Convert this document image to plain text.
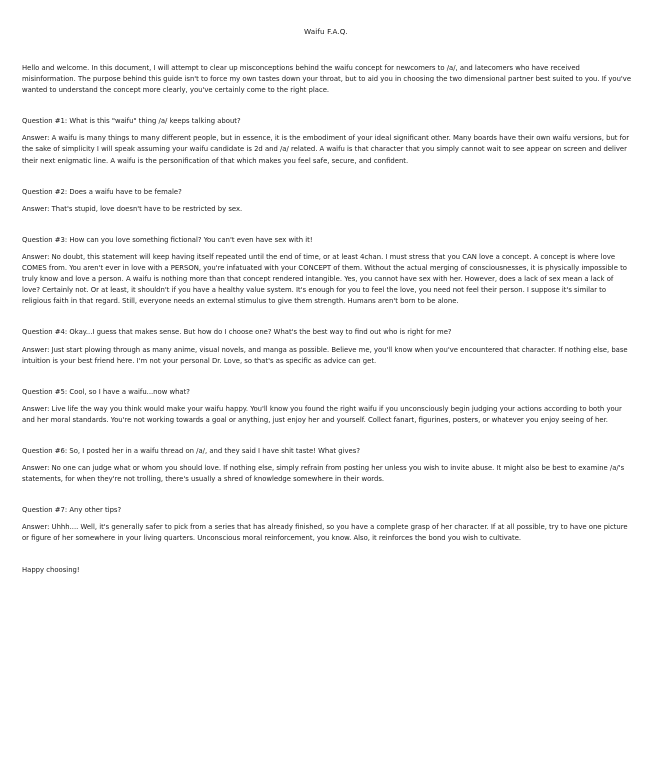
Waifu F.A.Q.

Hello and welcome. In this document, I will attempt to clear up misconceptions behind the waifu concept for newcomers to /a/, and latecomers who have received misinformation. The purpose behind this guide isn't to force my own tastes down your throat, but to aid you in choosing the two dimensional partner best suited to you. If you've wanted to understand the concept more clearly, you've certainly come to the right place.

Question #1: What is this "waifu" thing /a/ keeps talking about?

Answer: A waifu is many things to many different people, but in essence, it is the embodiment of your ideal significant other. Many boards have their own waifu versions, but for the sake of simplicity I will speak assuming your waifu candidate is 2d and /a/ related. A waifu is that character that you simply cannot wait to see appear on screen and deliver their next enigmatic line. A waifu is the personification of that which makes you feel safe, secure, and confident.

Question #2: Does a waifu have to be female?

Answer: That's stupid, love doesn't have to be restricted by sex.

Question #3: How can you love something fictional? You can't even have sex with it!

Answer: No doubt, this statement will keep having itself repeated until the end of time, or at least 4chan. I must stress that you CAN love a concept. A concept is where love COMES from. You aren't ever in love with a PERSON, you're infatuated with your CONCEPT of them. Without the actual merging of consciousnesses, it is physically impossible to truly know and love a person. A waifu is nothing more than that concept rendered intangible. Yes, you cannot have sex with her. However, does a lack of sex mean a lack of love? Certainly not. Or at least, it shouldn't if you have a healthy value system. It's enough for you to feel the love, you need not feel their person. I suppose it's similar to religious faith in that regard. Still, everyone needs an external stimulus to give them strength. Humans aren't born to be alone.

Question #4: Okay...I guess that makes sense. But how do I choose one? What's the best way to find out who is right for me?

Answer: Just start plowing through as many anime, visual novels, and manga as possible. Believe me, you'll know when you've encountered that character. If nothing else, base intuition is your best friend here. I'm not your personal Dr. Love, so that's as specific as advice can get.

Question #5: Cool, so I have a waifu...now what?

Answer: Live life the way you think would make your waifu happy. You'll know you found the right waifu if you unconsciously begin judging your actions according to both your and her moral standards. You're not working towards a goal or anything, just enjoy her and yourself. Collect fanart, figurines, posters, or whatever you enjoy seeing of her.

Question #6: So, I posted her in a waifu thread on /a/, and they said I have shit taste! What gives?

Answer: No one can judge what or whom you should love. If nothing else, simply refrain from posting her unless you wish to invite abuse. It might also be best to examine /a/'s statements, for when they're not trolling, there's usually a shred of knowledge somewhere in their words.

Question #7: Any other tips?

Answer: Uhhh.... Well, it's generally safer to pick from a series that has already finished, so you have a complete grasp of her character. If at all possible, try to have one picture or figure of her somewhere in your living quarters. Unconscious moral reinforcement, you know. Also, it reinforces the bond you wish to cultivate.

Happy choosing!
